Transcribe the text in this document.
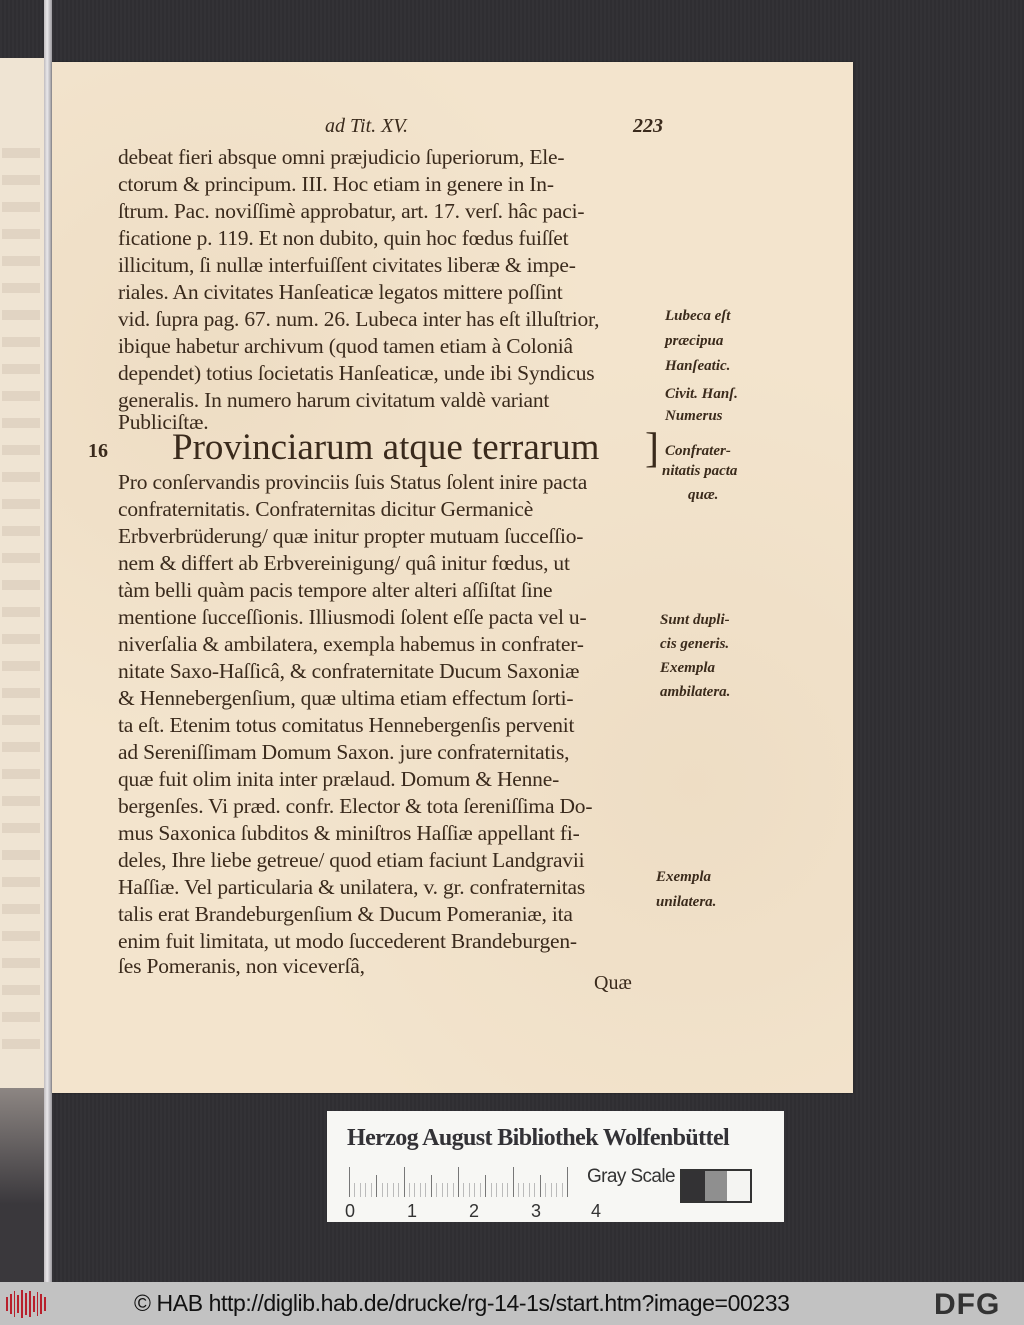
ad Tit. XV.	223
debeat fieri absque omni præjudicio ſuperiorum, Ele-
ctorum & principum. III. Hoc etiam in genere in In-
ſtrum. Pac. noviſſimè approbatur, art. 17. verſ. hâc paci-
ficatione p. 119. Et non dubito, quin hoc fœdus fuiſſet
illicitum, ſi nullæ interfuiſſent civitates liberæ & impe-
riales. An civitates Hanſeaticæ legatos mittere poſſint
vid. ſupra pag. 67. num. 26. Lubeca inter has eſt illuſtrior,
ibique habetur archivum (quod tamen etiam à Coloniâ
dependet) totius ſocietatis Hanſeaticæ, unde ibi Syndicus
generalis. In numero harum civitatum valdè variant
Publiciſtæ.
16 Provinciarum atque terrarum ]
Pro conſervandis provinciis ſuis Status ſolent inire pacta
confraternitatis. Confraternitas dicitur Germanicè
Erbverbrüderung/ quæ initur propter mutuam ſucceſſio-
nem & differt ab Erbvereinigung/ quâ initur fœdus, ut
tàm belli quàm pacis tempore alter alteri aſſiſtat ſine
mentione ſucceſſionis. Illiusmodi ſolent eſſe pacta vel u-
niverſalia & ambilatera, exempla habemus in confrater-
nitate Saxo-Haſſicâ, & confraternitate Ducum Saxoniæ
& Hennebergenſium, quæ ultima etiam effectum ſorti-
ta eſt. Etenim totus comitatus Hennebergenſis pervenit
ad Sereniſſimam Domum Saxon. jure confraternitatis,
quæ fuit olim inita inter prælaud. Domum & Henne-
bergenſes. Vi præd. confr. Elector & tota ſereniſſima Do-
mus Saxonica ſubditos & miniſtros Haſſiæ appellant fi-
deles, Ihre liebe getreue/ quod etiam faciunt Landgravii
Haſſiæ. Vel particularia & unilatera, v. gr. confraternitas
talis erat Brandeburgenſium & Ducum Pomeraniæ, ita
enim fuit limitata, ut modo ſuccederent Brandeburgen-
ſes Pomeranis, non viceverſâ,
Lubeca eſt
præcipua
Hanſeatic.
Civit. Hanſ.
Numerus
Confrater-
nitatis pacta
quæ.
Sunt dupli-
cis generis.
Exempla
ambilatera.
Exempla
unilatera.
Quæ
Herzog August Bibliothek Wolfenbüttel
0	1	2	3	4
Gray Scale
© HAB http://diglib.hab.de/drucke/rg-14-1s/start.htm?image=00233	DFG
